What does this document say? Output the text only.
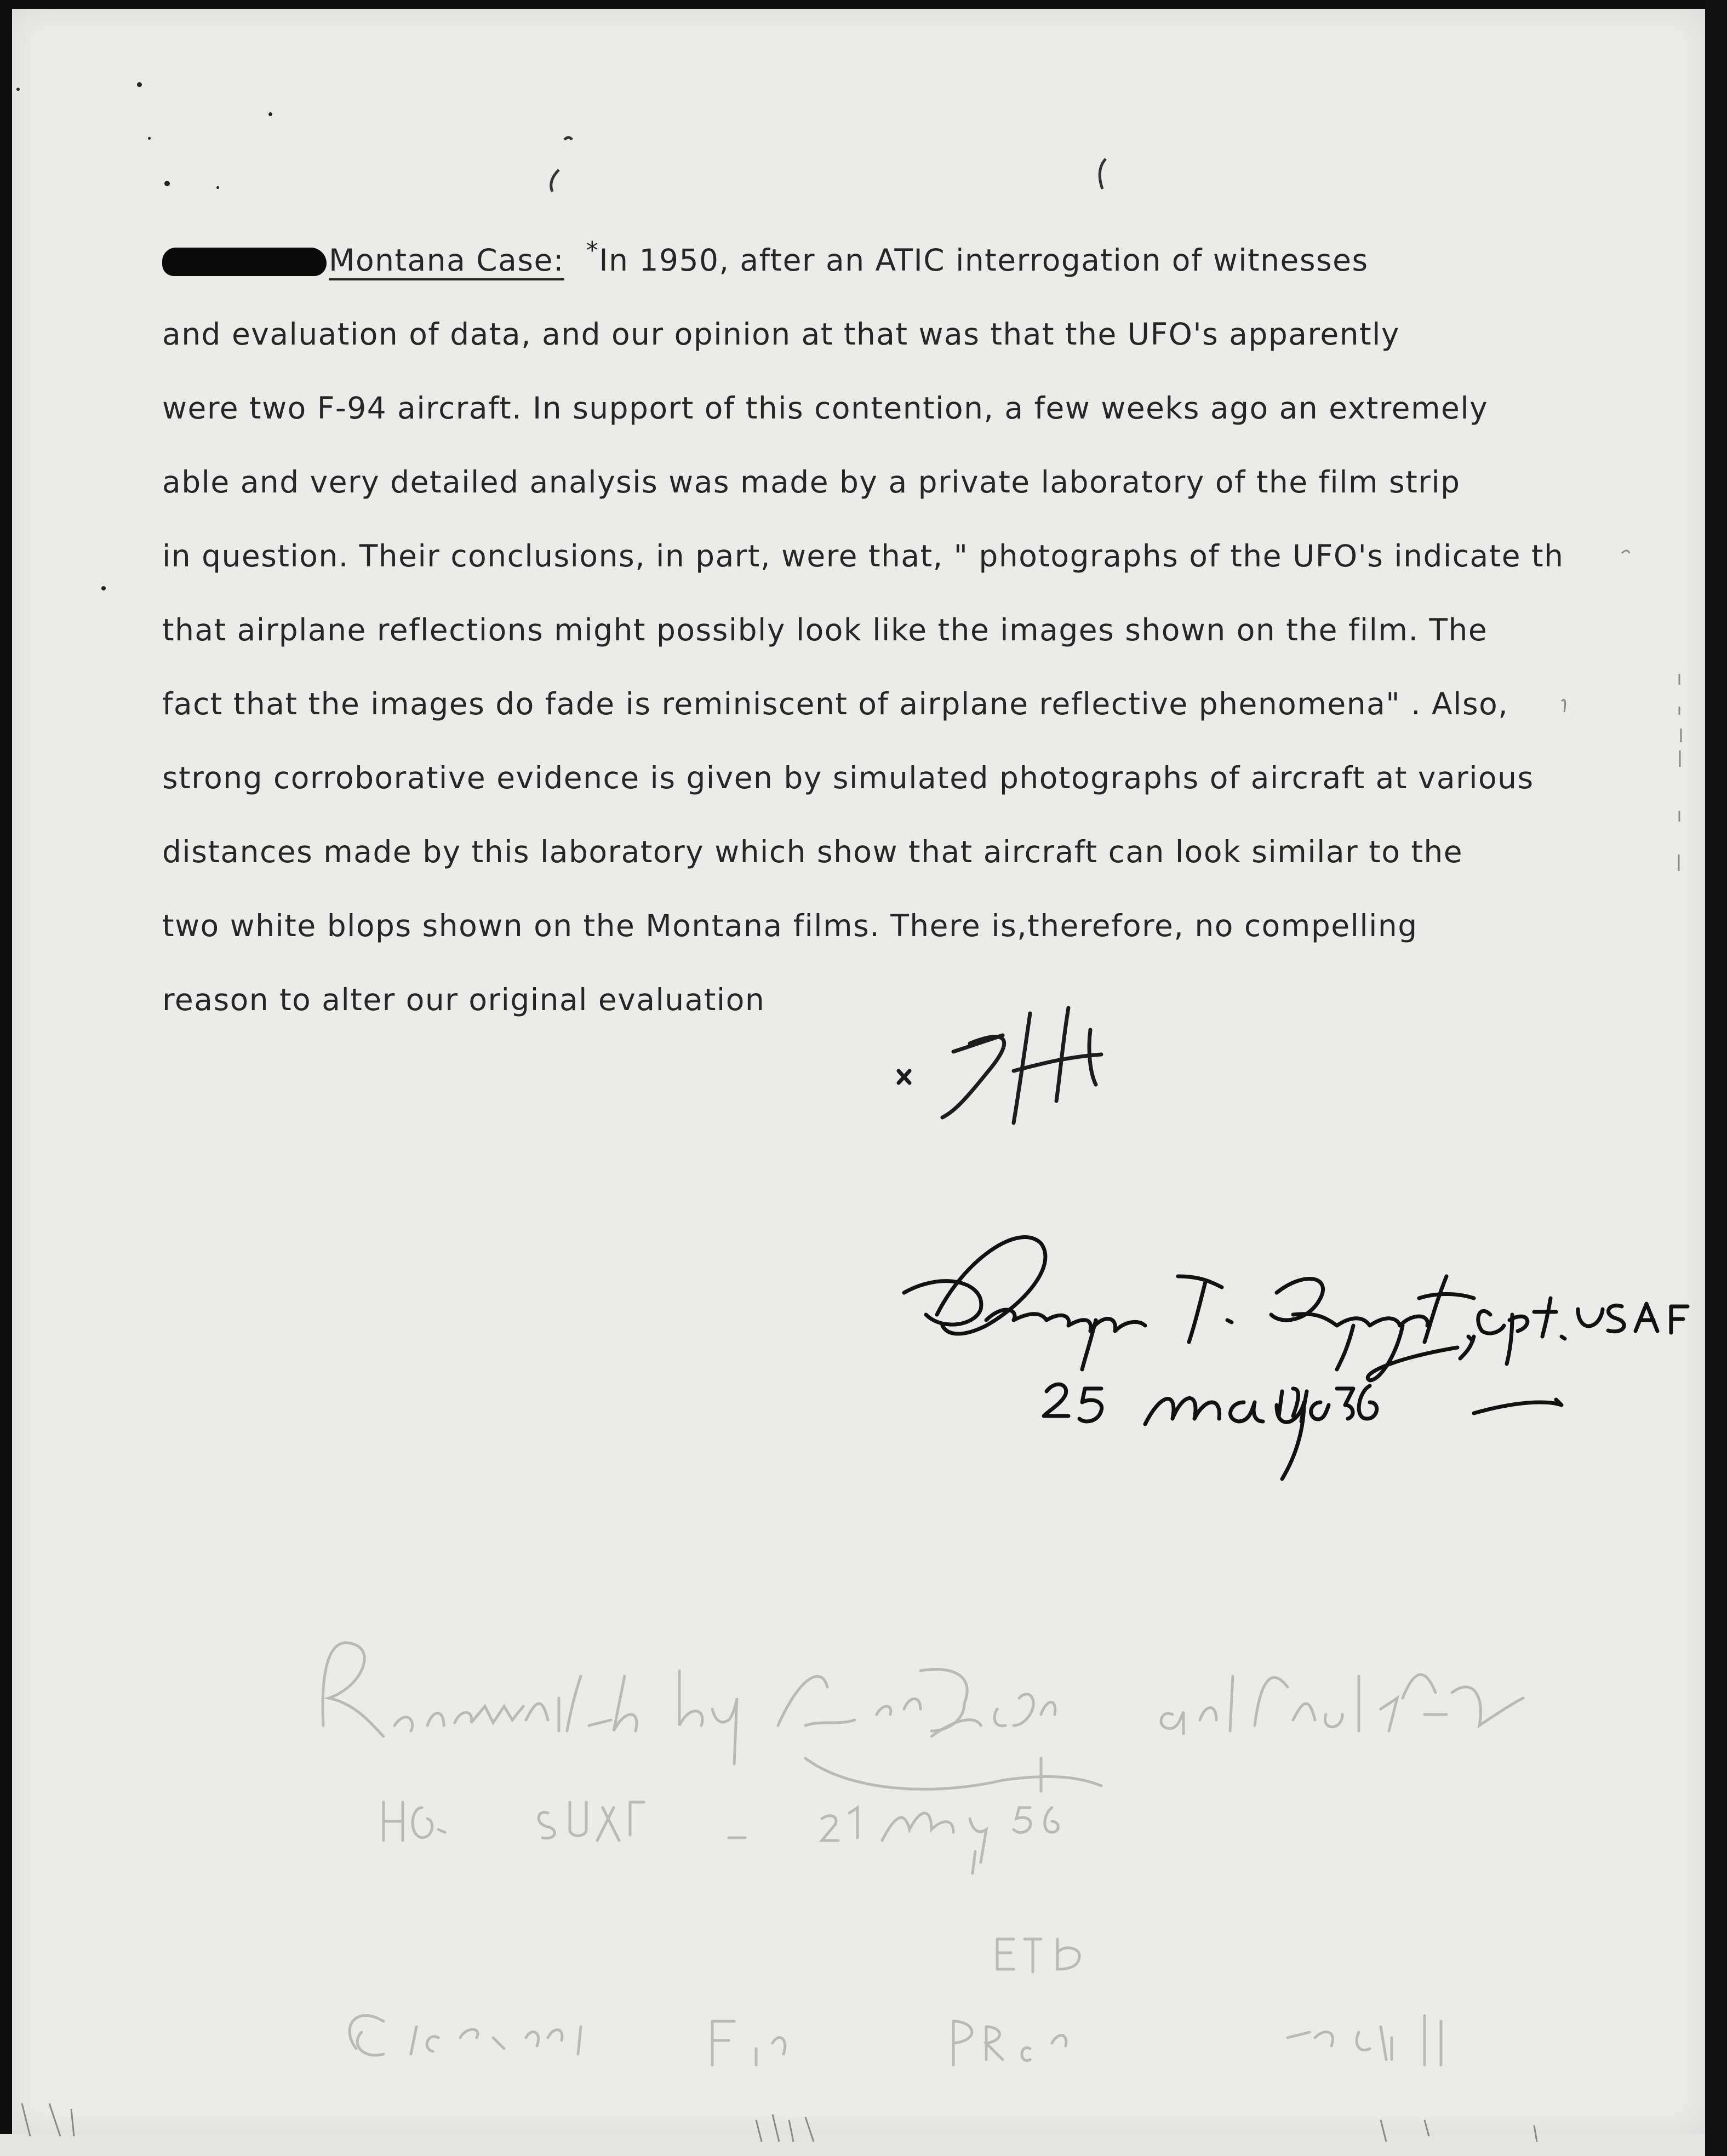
Montana Case: *In 1950, after an ATIC interrogation of witnesses
and evaluation of data, and our opinion at that was that the UFO's apparently
were two F-94 aircraft. In support of this contention, a few weeks ago an extremely
able and very detailed analysis was made by a private laboratory of the film strip
in question. Their conclusions, in part, were that, " photographs of the UFO's indicate th
that airplane reflections might possibly look like the images shown on the film. The
fact that the images do fade is reminiscent of airplane reflective phenomena" . Also,
strong corroborative evidence is given by simulated photographs of aircraft at various
distances made by this laboratory which show that aircraft can look similar to the
two white blops shown on the Montana films. There is,therefore, no compelling
reason to alter our original evaluation
